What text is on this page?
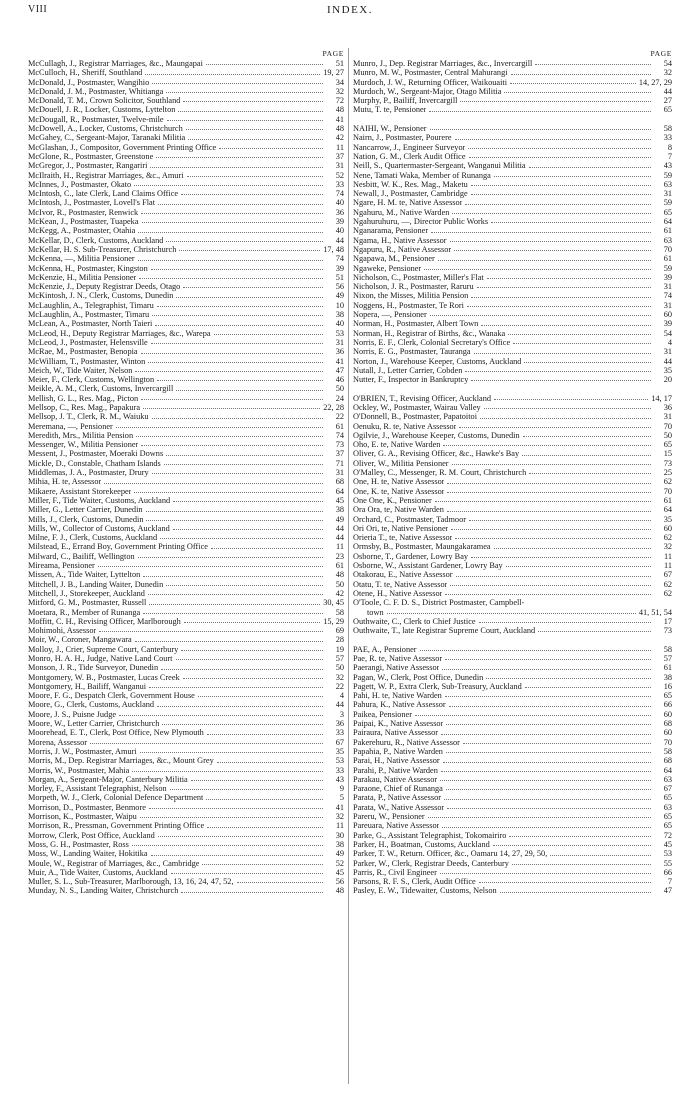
VIII	INDEX.
PAGE
McCullagh, J., Registrar Marriages, &c., Maungapai	51
McCulloch, H., Sheriff, Southland	19, 27
McDonald, J., Postmaster, Wangihio	34
McDonald, J. M., Postmaster, Whitianga	32
McDonald, T. M., Crown Solicitor, Southland	72
McDouell, J. R., Locker, Customs, Lyttelton	48
McDougall, R., Postmaster, Twelve-mile	41
McDowell, A., Locker, Customs, Christchurch	48
McGahey, C., Sergeant-Major, Taranaki Militia	42
McGlashan, J., Compositor, Government Printing Office	11
McGlone, R., Postmaster, Greenstone	37
McGregor, J., Postmaster, Rangariri	31
McIlraith, H., Registrar Marriages, &c., Amuri	52
McInnes, J., Postmaster, Okato	33
McIntosh, C., late Clerk, Land Claims Office	74
McIntosh, J., Postmaster, Lovell's Flat	40
McIvor, R., Postmaster, Renwick	36
McKean, J., Postmaster, Tuapeka	39
McKegg, A., Postmaster, Otahia	40
McKellar, D., Clerk, Customs, Auckland	44
McKellar, H. S. Sub-Treasurer, Christchurch	17, 48
McKenna, —, Militia Pensioner	74
McKenna, H., Postmaster, Kingston	39
McKenzie, H., Militia Pensioner	51
McKenzie, J., Deputy Registrar Deeds, Otago	56
McKintosh, J. N., Clerk, Customs, Dunedin	49
McLaughlin, A., Telegraphist, Timaru	10
McLaughlin, A., Postmaster, Timaru	38
McLean, A., Postmaster, North Taieri	40
McLeod, H., Deputy Registrar Marriages, &c., Warepa	53
McLeod, J., Postmaster, Helensville	31
McRae, M., Postmaster, Benopia	36
McWilliam, T., Postmaster, Winton	41
Meich, W., Tide Waiter, Nelson	47
Meier, F., Clerk, Customs, Wellington	46
Meikle, A. M., Clerk, Customs, Invercargill	50
Mellish, G. L., Res. Mag., Picton	24
Mellsop, C., Res. Mag., Papakura	22, 28
Mellsop, J. T., Clerk, R. M., Waiuku	22
Meremana, —, Pensioner	61
Meredith, Mrs., Militia Pension	74
Messenger, W., Militia Pensioner	73
Messent, J., Postmaster, Moeraki Downs	37
Mickle, D., Constable, Chatham Islands	71
Middlemas, J. A., Postmaster, Drury	31
Mihia, H. te, Assessor	68
Mikaere, Assistant Storekeeper	64
Miller, F., Tide Waiter, Customs, Auckland	45
Miller, G., Letter Carrier, Dunedin	38
Mills, J., Clerk, Customs, Dunedin	49
Mills, W., Collector of Customs, Auckland	44
Milne, F. J., Clerk, Customs, Auckland	44
Milstead, E., Errand Boy, Government Printing Office	11
Milward, C., Bailiff, Wellington	23
Mireama, Pensioner	61
Missen, A., Tide Waiter, Lyttelton	48
Mitchell, J. B., Landing Waiter, Dunedin	50
Mitchell, J., Storekeeper, Auckland	42
Mitford, G. M., Postmaster, Russell	30, 45
Moetara, R., Member of Runanga	58
Moffitt, C. H., Revising Officer, Marlborough	15, 29
Mohimohi, Assessor	69
Moir, W., Coroner, Mangawara	28
Molloy, J., Crier, Supreme Court, Canterbury	19
Monro, H. A. H., Judge, Native Land Court	57
Monson, J. R., Tide Surveyor, Dunedin	50
Montgomery, W. B., Postmaster, Lucas Creek	32
Montgomery, H., Bailiff, Wanganui	22
Moore, F. G., Despatch Clerk, Government House	4
Moore, G., Clerk, Customs, Auckland	44
Moore, J. S., Puisne Judge	3
Moore, W., Letter Carrier, Christchurch	36
Moorehead, E. T., Clerk, Post Office, New Plymouth	33
Morena, Assessor	67
Morris, J. W., Postmaster, Amuri	35
Morris, M., Dep. Registrar Marriages, &c., Mount Grey	53
Morris, W., Postmaster, Mahia	33
Morgan, A., Sergeant-Major, Canterbury Militia	43
Morley, F., Assistant Telegraphist, Nelson	9
Morpeth, W. J., Clerk, Colonial Defence Department	5
Morrison, D., Postmaster, Benmore	41
Morrison, K., Postmaster, Waipu	32
Morrison, R., Pressman, Government Printing Office	11
Morrow, Clerk, Post Office, Auckland	30
Moss, G. H., Postmaster, Ross	38
Moss, W., Landing Waiter, Hokitika	49
Moule, W., Registrar of Marriages, &c., Cambridge	52
Muir, A., Tide Waiter, Customs, Auckland	45
Muller, S. L., Sub-Treasurer, Marlborough, 13, 16, 24, 47, 52,	56
Munday, N. S., Landing Waiter, Christchurch	48
PAGE
Munro, J., Dep. Registrar Marriages, &c., Invercargill	54
Munro, M. W., Postmaster, Central Mahurangi	32
Murdoch, J. W., Returning Officer, Waikouaiti	14, 27, 29
Murdoch, W., Sergeant-Major, Otago Militia	44
Murphy, P., Bailiff, Invercargill	27
Mutu, T. te, Pensioner	65
NAIHI, W., Pensioner	58
Nairn, J., Postmaster, Pourere	33
Nancarrow, J., Engineer Surveyor	8
Nation, G. M., Clerk Audit Office	7
Neill, S., Quartermaster-Sergeant, Wanganui Militia	43
Nene, Tamati Waka, Member of Runanga	59
Nesbitt, W. K., Res. Mag., Maketu	63
Newall, J., Postmaster, Cambridge	31
Ngare, H. M. te, Native Assessor	59
Ngahuru, M., Native Warden	65
Ngahuruhuru, —, Director Public Works	64
Nganarama, Pensioner	61
Ngama, H., Native Assessor	63
Ngapuru, R., Native Assessor	70
Ngapawa, M., Pensioner	61
Ngaweke, Pensioner	59
Nicholson, C., Postmaster, Miller's Flat	39
Nicholson, J. R., Postmaster, Raruru	31
Nixon, the Misses, Militia Pension	74
Noggens, H., Postmaster, Te Rori	31
Nopera, —, Pensioner	60
Norman, H., Postmaster, Albert Town	39
Norman, H., Registrar of Births, &c., Wanaka	54
Norris, E. F., Clerk, Colonial Secretary's Office	4
Norris, E. G., Postmaster, Tauranga	31
Norton, J., Warehouse Keeper, Customs, Auckland	44
Nutall, J., Letter Carrier, Cobden	35
Nutter, F., Inspector in Bankruptcy	20
O'BRIEN, T., Revising Officer, Auckland	14, 17
Ockley, W., Postmaster, Wairau Valley	36
O'Donnell, B., Postmaster, Papatoitoi	31
Oenuku, R. te, Native Assessor	70
Ogilvie, J., Warehouse Keeper, Customs, Dunedin	50
Oho, E. te, Native Warden	65
Oliver, G. A., Revising Officer, &c., Hawke's Bay	15
Oliver, W., Militia Pensioner	73
O'Malley, C., Messenger, R. M. Court, Christchurch	25
One, H. te, Native Assessor	62
One, K. te, Native Assessor	70
One One, K., Pensioner	61
Ora Ora, te, Native Warden	64
Orchard, C., Postmaster, Tadmoor	35
Ori Ori, te, Native Pensioner	60
Orieria T., te, Native Assessor	62
Ormsby, B., Postmaster, Maungakaramea	32
Osborne, T., Gardener, Lowry Bay	11
Osborne, W., Assistant Gardener, Lowry Bay	11
Otakorau, E., Native Assessor	67
Otatu, T. te, Native Assessor	62
Otene, H., Native Assessor	62
O'Toole, C. F. D. S., District Postmaster, Campbell-
town	41, 51, 54
Outhwaite, C., Clerk to Chief Justice	17
Outhwaite, T., late Registrar Supreme Court, Auckland	73
PAE, A., Pensioner	58
Pae, R. te, Native Assessor	57
Paerangi, Native Assessor	61
Pagan, W., Clerk, Post Office, Dunedin	38
Pagett, W. P., Extra Clerk, Sub-Treasury, Auckland	16
Pahi, H. te, Native Warden	65
Pahura, K., Native Assessor	66
Paikea, Pensioner	60
Paipai, K., Native Assessor	68
Pairaura, Native Assessor	60
Pakerehuru, R., Native Assessor	70
Papahia, P., Native Warden	58
Parai, H., Native Assessor	68
Parahi, P., Native Warden	64
Parakau, Native Assessor	63
Paraone, Chief of Runanga	67
Parata, P., Native Assessor	65
Parata, W., Native Assessor	63
Pareru, W., Pensioner	65
Pareuara, Native Assessor	65
Parke, G., Assistant Telegraphist, Tokomairiro	72
Parker, H., Boatman, Customs, Auckland	45
Parker, T. W., Return. Officer, &c., Oamaru 14, 27, 29, 50,	53
Parker, W., Clerk, Registrar Deeds, Canterbury	55
Parris, R., Civil Engineer	66
Parsons, R. F. S., Clerk, Audit Office	7
Pasley, E. W., Tidewaiter, Customs, Nelson	47
